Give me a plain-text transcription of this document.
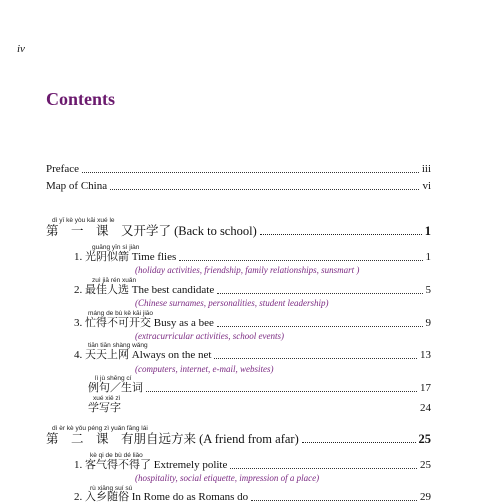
iv
Contents
Preface	iii
Map of China	vi
dì yī kè yòu kāi xué le
第　一　课　又开学了 (Back to school)	1
guāng yīn sì jiàn
1. 光阴似箭 Time flies	1
(holiday activities, friendship, family relationships, sunsmart )
zuì jiā rén xuǎn
2. 最佳人选 The best candidate	5
(Chinese surnames, personalities, student leadership)
máng de bù kě kāi jiāo
3. 忙得不可开交 Busy as a bee	9
(extracurricular activities, school events)
tiān tiān shàng wǎng
4. 天天上网 Always on the net	13
(computers, internet, e-mail, websites)
lì jù shēng cí
例句／生词	17
xué xiě zì
学写字	24
dì èr kè yǒu péng zì yuǎn fāng lái
第　二　课　有朋自远方来 (A friend from afar)	25
kè qi de bù dé liǎo
1. 客气得不得了 Extremely polite	25
(hospitality, social etiquette, impression of a place)
rù xiāng suí sú
2. 入乡随俗 In Rome do as Romans do	29
